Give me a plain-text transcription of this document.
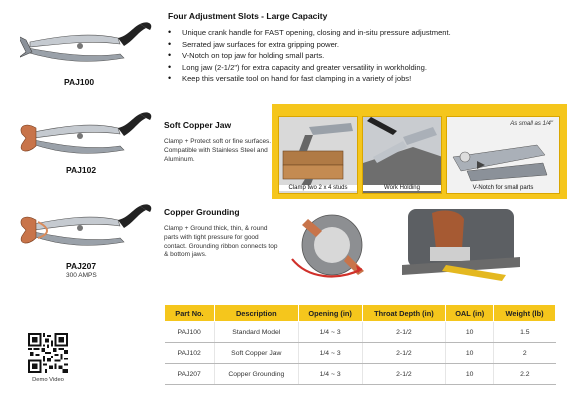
PAJ100
PAJ102
PAJ207
300 AMPS
Four Adjustment Slots - Large Capacity
• Unique crank handle for FAST opening, closing and in-situ pressure adjustment.
• Serrated jaw surfaces for extra gripping power.
• V-Notch on top jaw for holding small parts.
• Long jaw (2-1/2") for extra capacity and greater versatility in workholding.
• Keep this versatile tool on hand for fast clamping in a variety of jobs!
Soft Copper Jaw
Clamp + Protect soft or fine surfaces. Compatible with Stainless Steel and Aluminum.
Clamp two 2 x 4 studs	Work Holding
As small as 1/4"
V-Notch for small parts
Copper Grounding
Clamp + Ground thick, thin, & round parts with tight pressure for good contact. Grounding ribbon connects top & bottom jaws.
Demo Video
Part No.	Description	Opening (in)	Throat Depth (in)	OAL (in)	Weight (lb)
PAJ100	Standard Model	1/4 ~ 3	2-1/2	10	1.5
PAJ102	Soft Copper Jaw	1/4 ~ 3	2-1/2	10	2
PAJ207	Copper Grounding	1/4 ~ 3	2-1/2	10	2.2
